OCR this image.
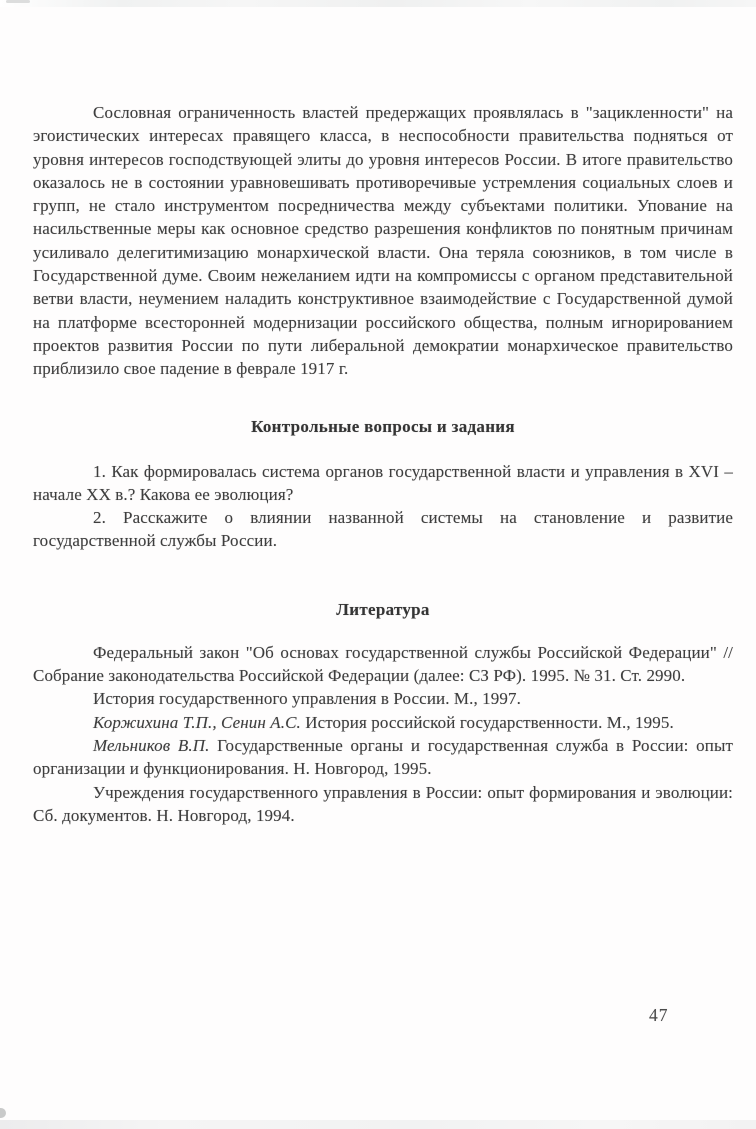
Сословная ограниченность властей предержащих проявлялась в "зацикленности" на эгоистических интересах правящего класса, в неспособности правительства подняться от уровня интересов господствующей элиты до уровня интересов России. В итоге правительство оказалось не в состоянии уравновешивать противоречивые устремления социальных слоев и групп, не стало инструментом посредничества между субъектами политики. Упование на насильственные меры как основное средство разрешения конфликтов по понятным причинам усиливало делегитимизацию монархической власти. Она теряла союзников, в том числе в Государственной думе. Своим нежеланием идти на компромиссы с органом представительной ветви власти, неумением наладить конструктивное взаимодействие с Государственной думой на платформе всесторонней модернизации российского общества, полным игнорированием проектов развития России по пути либеральной демократии монархическое правительство приблизило свое падение в феврале 1917 г.

Контрольные вопросы и задания

1. Как формировалась система органов государственной власти и управления в XVI – начале XX в.? Какова ее эволюция?

2. Расскажите о влиянии названной системы на становление и развитие государственной службы России.

Литература

Федеральный закон "Об основах государственной службы Российской Федерации" // Собрание законодательства Российской Федерации (далее: СЗ РФ). 1995. № 31. Ст. 2990.

История государственного управления в России. М., 1997.

Коржихина Т.П., Сенин А.С. История российской государственности. М., 1995.

Мельников В.П. Государственные органы и государственная служба в России: опыт организации и функционирования. Н. Новгород, 1995.

Учреждения государственного управления в России: опыт формирования и эволюции: Сб. документов. Н. Новгород, 1994.

47
